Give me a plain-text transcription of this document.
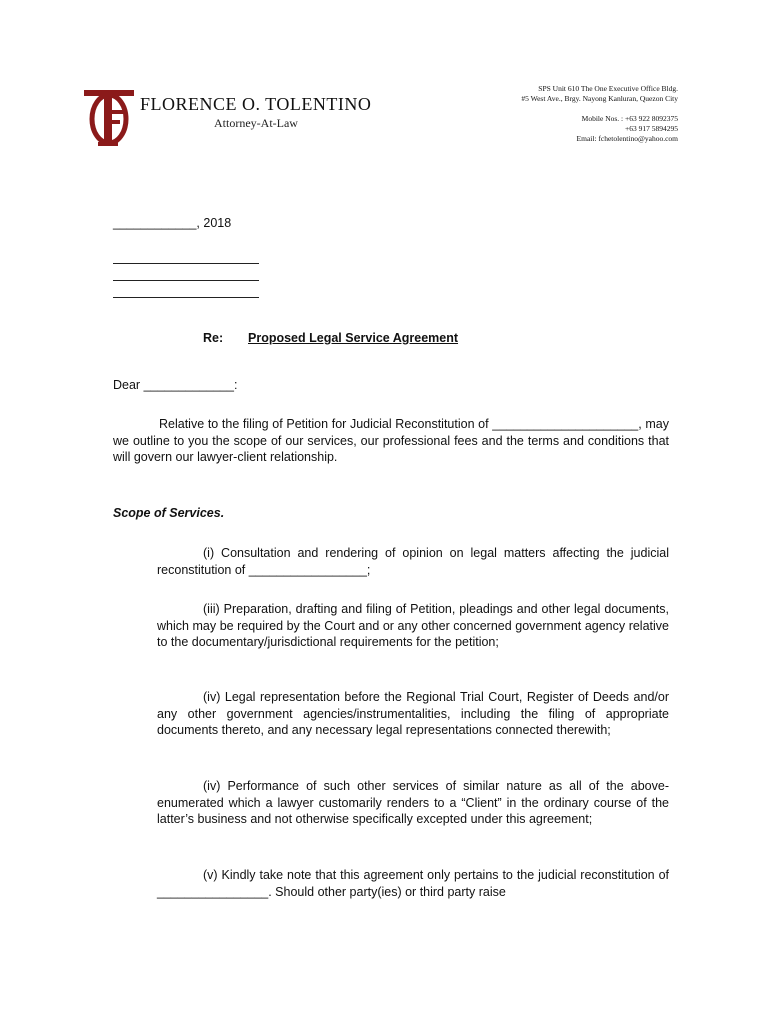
FLORENCE O. TOLENTINO
Attorney-At-Law
SPS Unit 610 The One Executive Office Bldg.
#5 West Ave., Brgy. Nayong Kanluran, Quezon City
Mobile Nos. : +63 922 8092375
+63 917 5894295
Email: fchetolentino@yahoo.com
____________, 2018
Re: Proposed Legal Service Agreement
Dear _____________:
Relative to the filing of Petition for Judicial Reconstitution of _____________________, may we outline to you the scope of our services, our professional fees and the terms and conditions that will govern our lawyer-client relationship.
Scope of Services.
(i) Consultation and rendering of opinion on legal matters affecting the judicial reconstitution of _________________;
(iii) Preparation, drafting and filing of Petition, pleadings and other legal documents, which may be required by the Court and or any other concerned government agency relative to the documentary/jurisdictional requirements for the petition;
(iv) Legal representation before the Regional Trial Court, Register of Deeds and/or any other government agencies/instrumentalities, including the filing of appropriate documents thereto, and any necessary legal representations connected therewith;
(iv) Performance of such other services of similar nature as all of the above-enumerated which a lawyer customarily renders to a “Client” in the ordinary course of the latter’s business and not otherwise specifically excepted under this agreement;
(v) Kindly take note that this agreement only pertains to the judicial reconstitution of ________________. Should other party(ies) or third party raise
